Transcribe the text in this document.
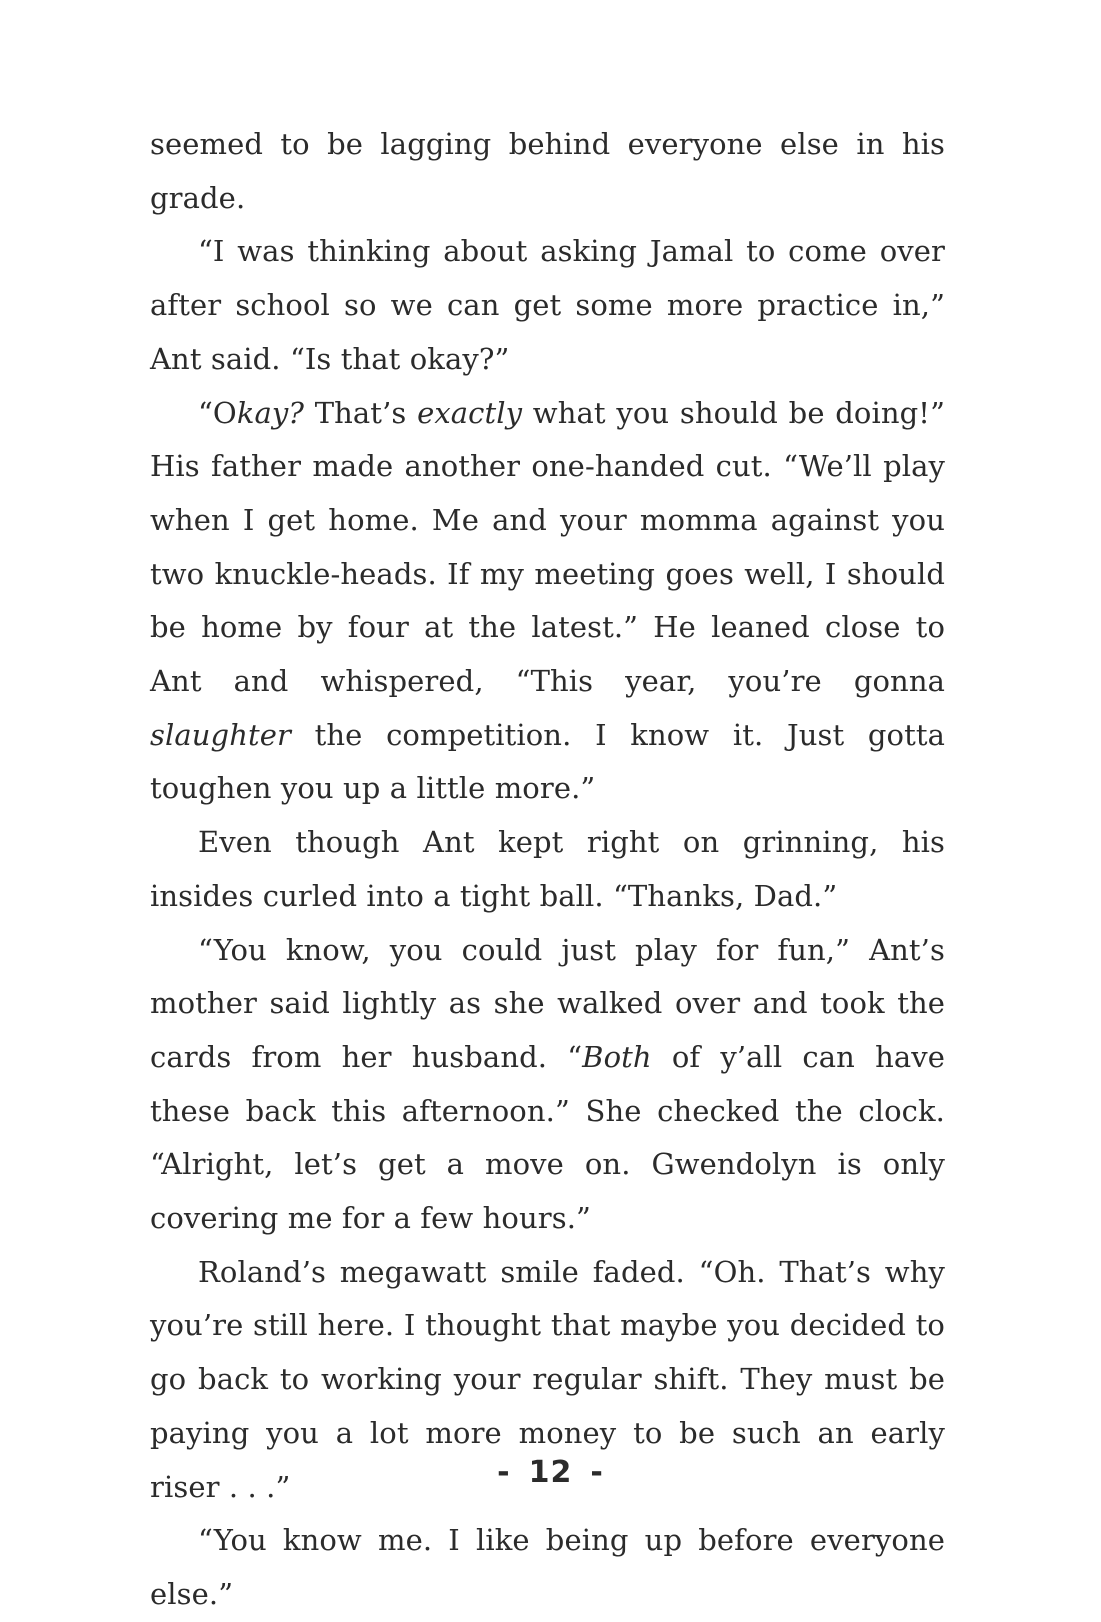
seemed to be lagging behind everyone else in his grade.

“I was thinking about asking Jamal to come over after school so we can get some more practice in,” Ant said. “Is that okay?”

“Okay? That’s exactly what you should be doing!” His father made another one-handed cut. “We’ll play when I get home. Me and your momma against you two knuckle-heads. If my meeting goes well, I should be home by four at the latest.” He leaned close to Ant and whispered, “This year, you’re gonna slaughter the competition. I know it. Just gotta toughen you up a little more.”

Even though Ant kept right on grinning, his insides curled into a tight ball. “Thanks, Dad.”

“You know, you could just play for fun,” Ant’s mother said lightly as she walked over and took the cards from her husband. “Both of y’all can have these back this afternoon.” She checked the clock. “Alright, let’s get a move on. Gwendolyn is only covering me for a few hours.”

Roland’s megawatt smile faded. “Oh. That’s why you’re still here. I thought that maybe you decided to go back to working your regular shift. They must be paying you a lot more money to be such an early riser . . .”

“You know me. I like being up before everyone else.”

- 12 -
